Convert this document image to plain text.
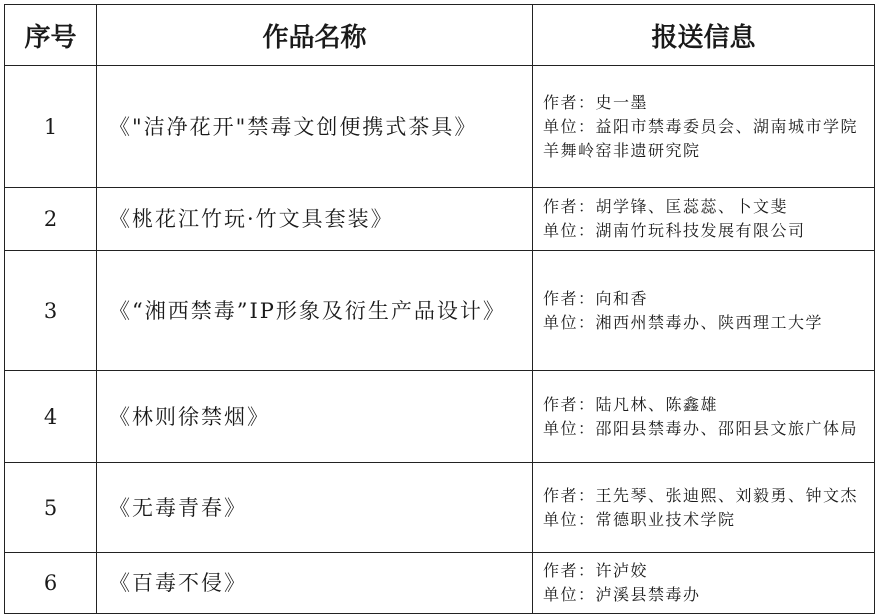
序号	作品名称	报送信息
1	《"洁净花开"禁毒文创便携式茶具》	作者：史一墨
单位：益阳市禁毒委员会、湖南城市学院羊舞岭窑非遗研究院

2	《桃花江竹玩·竹文具套装》	作者：胡学锋、匡蕊蕊、卜文斐
单位：湖南竹玩科技发展有限公司

3	《“湘西禁毒”IP形象及衍生产品设计》	作者：向和香
单位：湘西州禁毒办、陕西理工大学

4	《林则徐禁烟》	作者：陆凡林、陈鑫雄
单位：邵阳县禁毒办、邵阳县文旅广体局

5	《无毒青春》	作者：王先琴、张迪熙、刘毅勇、钟文杰
单位：常德职业技术学院

6	《百毒不侵》	作者：许泸姣
单位：泸溪县禁毒办
